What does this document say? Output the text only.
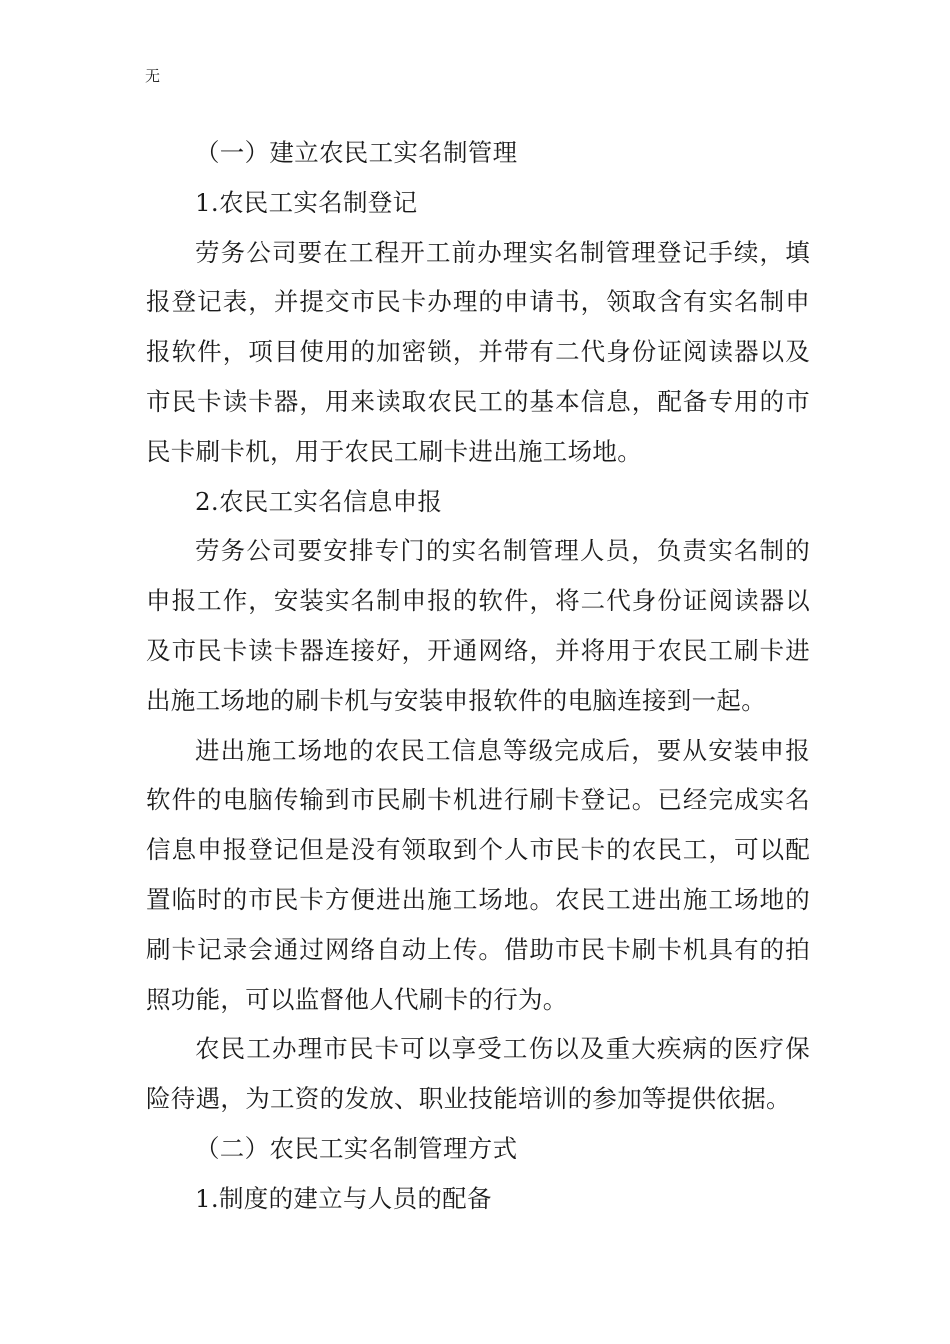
无

（一）建立农民工实名制管理

1.农民工实名制登记

劳务公司要在工程开工前办理实名制管理登记手续，填报登记表，并提交市民卡办理的申请书，领取含有实名制申报软件，项目使用的加密锁，并带有二代身份证阅读器以及市民卡读卡器，用来读取农民工的基本信息，配备专用的市民卡刷卡机，用于农民工刷卡进出施工场地。

2.农民工实名信息申报

劳务公司要安排专门的实名制管理人员，负责实名制的申报工作，安装实名制申报的软件，将二代身份证阅读器以及市民卡读卡器连接好，开通网络，并将用于农民工刷卡进出施工场地的刷卡机与安装申报软件的电脑连接到一起。

进出施工场地的农民工信息等级完成后，要从安装申报软件的电脑传输到市民刷卡机进行刷卡登记。已经完成实名信息申报登记但是没有领取到个人市民卡的农民工，可以配置临时的市民卡方便进出施工场地。农民工进出施工场地的刷卡记录会通过网络自动上传。借助市民卡刷卡机具有的拍照功能，可以监督他人代刷卡的行为。

农民工办理市民卡可以享受工伤以及重大疾病的医疗保险待遇，为工资的发放、职业技能培训的参加等提供依据。

（二）农民工实名制管理方式

1.制度的建立与人员的配备
